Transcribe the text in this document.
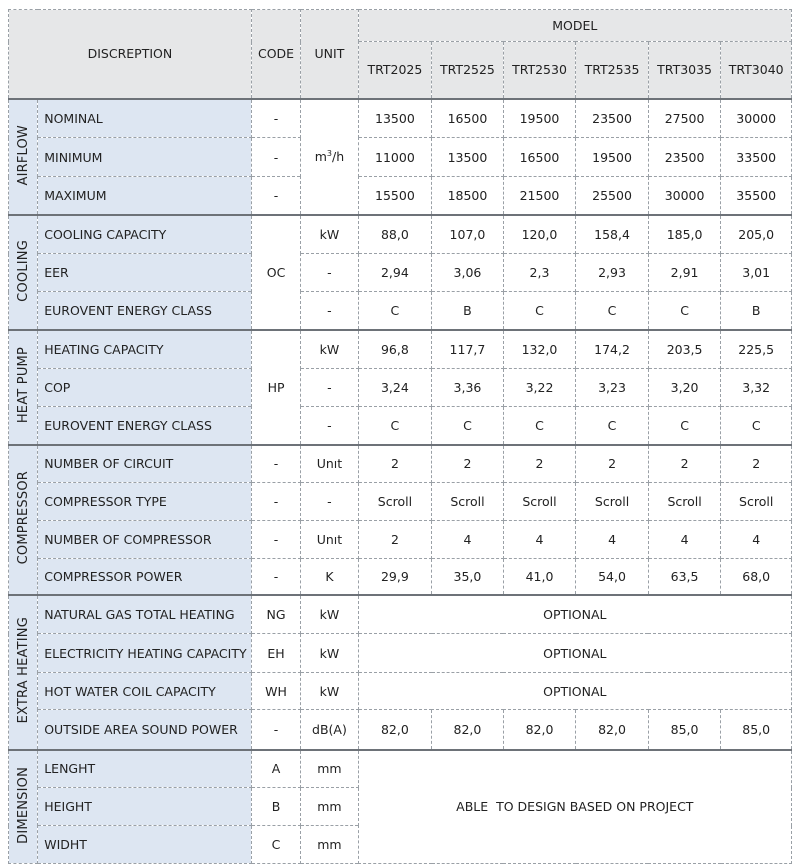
DISCREPTION		CODE	UNIT	MODEL					
				TRT2025	TRT2525	TRT2530	TRT2535	TRT3035	TRT3040
AIRFLOW	NOMINAL	-	$m^3/h$	13500	16500	19500	23500	27500	30000
	MINIMUM	-		11000	13500	16500	19500	23500	33500
	MAXIMUM	-		15500	18500	21500	25500	30000	35500
COOLING	COOLING CAPACITY	OC	kW	88,0	107,0	120,0	158,4	185,0	205,0
	EER		-	2,94	3,06	2,3	2,93	2,91	3,01
	EUROVENT ENERGY CLASS		-	C	B	C	C	C	B
HEAT PUMP	HEATING CAPACITY	HP	kW	96,8	117,7	132,0	174,2	203,5	225,5
	COP		-	3,24	3,36	3,22	3,23	3,20	3,32
	EUROVENT ENERGY CLASS		-	C	C	C	C	C	C
COMPRESSOR	NUMBER OF CIRCUIT	-	Unıt	2	2	2	2	2	2
	COMPRESSOR TYPE	-	-	Scroll	Scroll	Scroll	Scroll	Scroll	Scroll
	NUMBER OF COMPRESSOR	-	Unıt	2	4	4	4	4	4
	COMPRESSOR POWER	-	K	29,9	35,0	41,0	54,0	63,5	68,0
EXTRA HEATING	NATURAL GAS TOTAL HEATING	NG	kW	OPTIONAL					
	ELECTRICITY HEATING CAPACITY	EH	kW	OPTIONAL					
	HOT WATER COIL CAPACITY	WH	kW	OPTIONAL					
	OUTSIDE AREA SOUND POWER	-	dB(A)	82,0	82,0	82,0	82,0	85,0	85,0
DIMENSION	LENGHT	A	mm	ABLE  TO DESIGN BASED ON PROJECT					
	HEIGHT	B	mm						
	WIDHT	C	mm						
